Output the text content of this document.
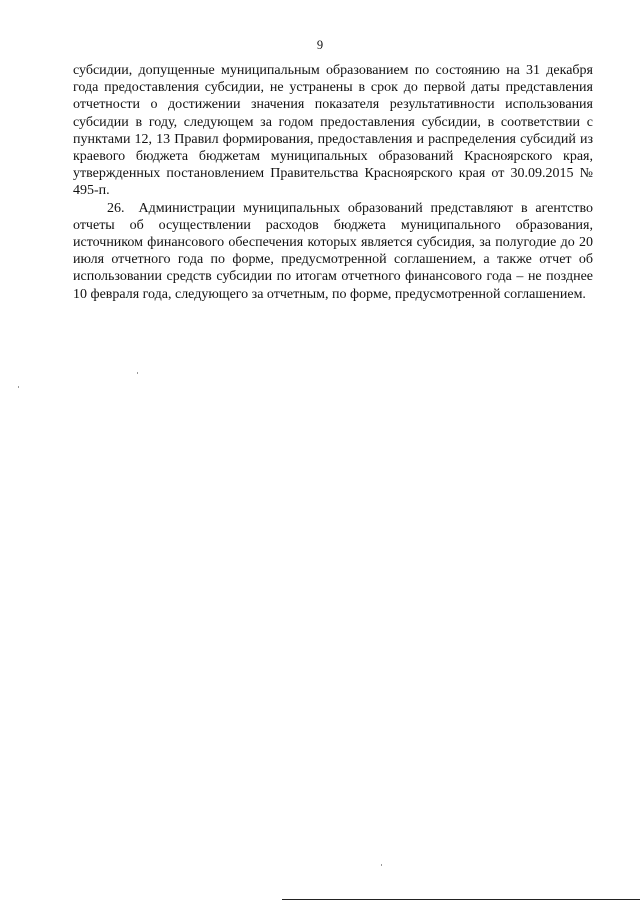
9

субсидии, допущенные муниципальным образованием по состоянию на 31 декабря года предоставления субсидии, не устранены в срок до первой даты представления отчетности о достижении значения показателя результативности использования субсидии в году, следующем за годом предоставления субсидии, в соответствии с пунктами 12, 13 Правил формирования, предоставления и распределения субсидий из краевого бюджета бюджетам муниципальных образований Красноярского края, утвержденных постановлением Правительства Красноярского края от 30.09.2015 № 495-п.

26. Администрации муниципальных образований представляют в агентство отчеты об осуществлении расходов бюджета муниципального образования, источником финансового обеспечения которых является субсидия, за полугодие до 20 июля отчетного года по форме, предусмотренной соглашением, а также отчет об использовании средств субсидии по итогам отчетного финансового года – не позднее 10 февраля года, следующего за отчетным, по форме, предусмотренной соглашением.
